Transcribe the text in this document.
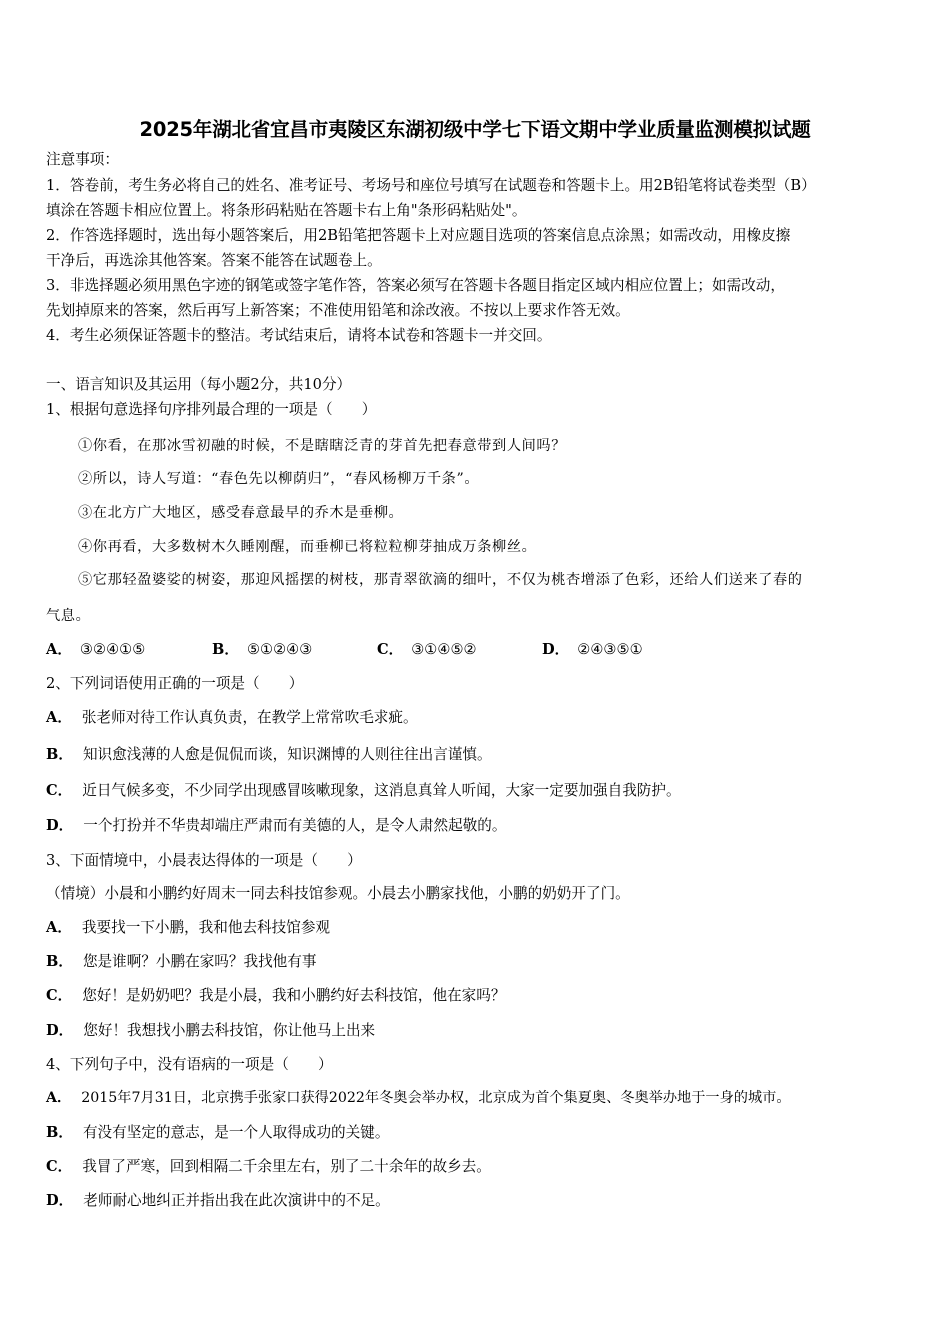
2025年湖北省宜昌市夷陵区东湖初级中学七下语文期中学业质量监测模拟试题
注意事项：
1．答卷前，考生务必将自己的姓名、准考证号、考场号和座位号填写在试题卷和答题卡上。用2B铅笔将试卷类型（B）
填涂在答题卡相应位置上。将条形码粘贴在答题卡右上角"条形码粘贴处"。
2．作答选择题时，选出每小题答案后，用2B铅笔把答题卡上对应题目选项的答案信息点涂黑；如需改动，用橡皮擦
干净后，再选涂其他答案。答案不能答在试题卷上。
3．非选择题必须用黑色字迹的钢笔或签字笔作答，答案必须写在答题卡各题目指定区域内相应位置上；如需改动，
先划掉原来的答案，然后再写上新答案；不准使用铅笔和涂改液。不按以上要求作答无效。
4．考生必须保证答题卡的整洁。考试结束后，请将本试卷和答题卡一并交回。
一、语言知识及其运用（每小题2分，共10分）
1、根据句意选择句序排列最合理的一项是（　　）
①你看，在那冰雪初融的时候，不是瞎瞎泛青的芽首先把春意带到人间吗？
②所以，诗人写道：“春色先以柳荫归”，“春风杨柳万千条”。
③在北方广大地区，感受春意最早的乔木是垂柳。
④你再看，大多数树木久睡刚醒，而垂柳已将粒粒柳芽抽成万条柳丝。
⑤它那轻盈婆娑的树姿，那迎风摇摆的树枝，那青翠欲滴的细叶，不仅为桃杏增添了色彩，还给人们送来了春的
气息。
A． ③②④①⑤	B． ⑤①②④③	C． ③①④⑤②	D． ②④③⑤①
2、下列词语使用正确的一项是（　　）
A． 张老师对待工作认真负责，在教学上常常吹毛求疵。
B． 知识愈浅薄的人愈是侃侃而谈，知识渊博的人则往往出言谨慎。
C． 近日气候多变，不少同学出现感冒咳嗽现象，这消息真耸人听闻，大家一定要加强自我防护。
D． 一个打扮并不华贵却端庄严肃而有美德的人，是令人肃然起敬的。
3、下面情境中，小晨表达得体的一项是（　　）
（情境）小晨和小鹏约好周末一同去科技馆参观。小晨去小鹏家找他，小鹏的奶奶开了门。
A． 我要找一下小鹏，我和他去科技馆参观
B． 您是谁啊？小鹏在家吗？我找他有事
C． 您好！是奶奶吧？我是小晨，我和小鹏约好去科技馆，他在家吗？
D． 您好！我想找小鹏去科技馆，你让他马上出来
4、下列句子中，没有语病的一项是（　　）
A． 2015年7月31日，北京携手张家口获得2022年冬奥会举办权，北京成为首个集夏奥、冬奥举办地于一身的城市。
B． 有没有坚定的意志，是一个人取得成功的关键。
C． 我冒了严寒，回到相隔二千余里左右，别了二十余年的故乡去。
D． 老师耐心地纠正并指出我在此次演讲中的不足。
